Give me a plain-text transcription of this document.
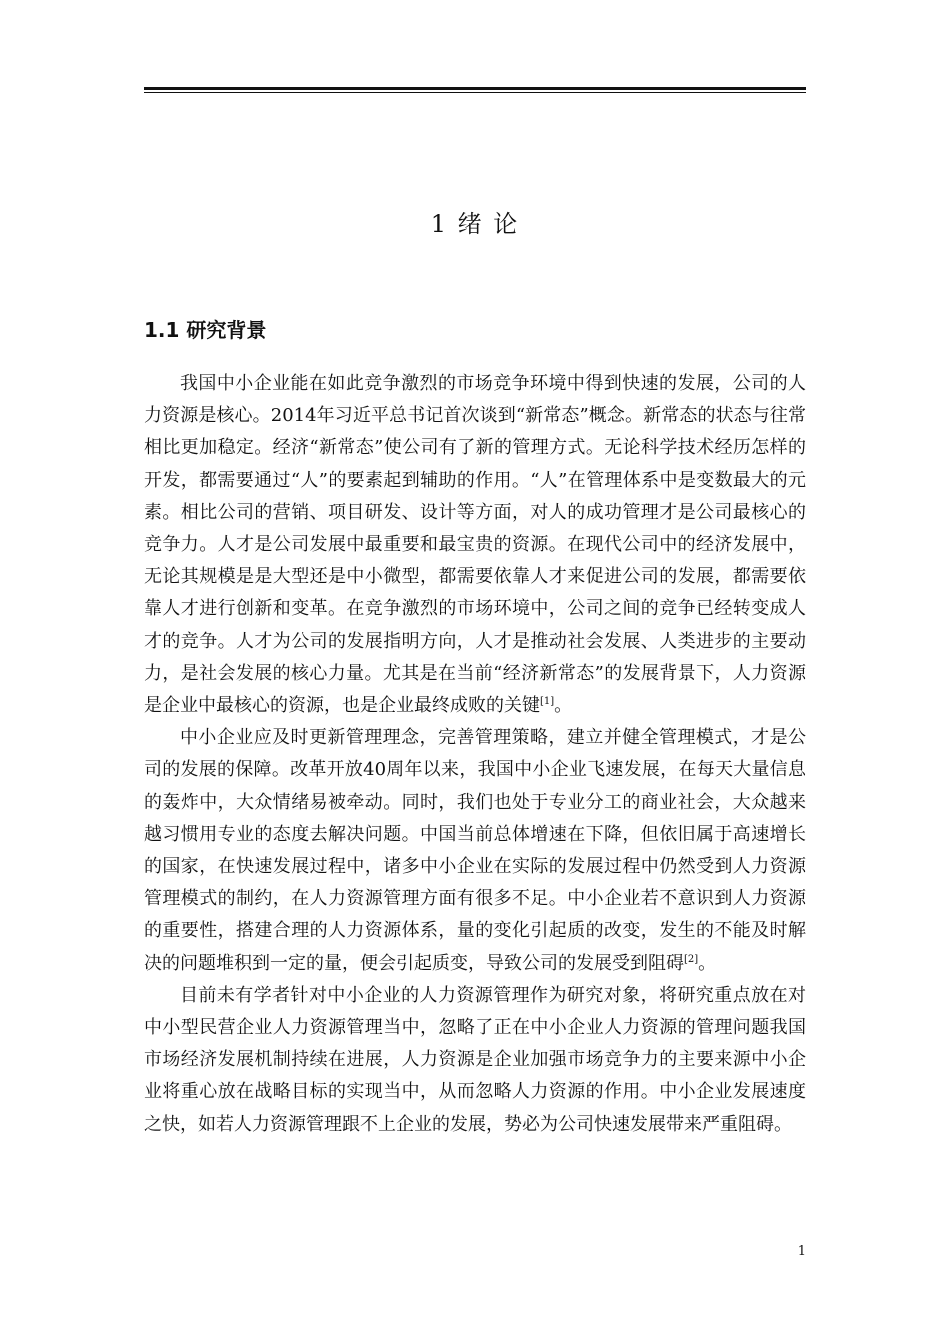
1 绪 论
1.1 研究背景

我国中小企业能在如此竞争激烈的市场竞争环境中得到快速的发展，公司的人力资源是核心。2014年习近平总书记首次谈到“新常态”概念。新常态的状态与往常相比更加稳定。经济“新常态”使公司有了新的管理方式。无论科学技术经历怎样的开发，都需要通过“人”的要素起到辅助的作用。“人”在管理体系中是变数最大的元素。相比公司的营销、项目研发、设计等方面，对人的成功管理才是公司最核心的竞争力。人才是公司发展中最重要和最宝贵的资源。在现代公司中的经济发展中，无论其规模是是大型还是中小微型，都需要依靠人才来促进公司的发展，都需要依靠人才进行创新和变革。在竞争激烈的市场环境中，公司之间的竞争已经转变成人才的竞争。人才为公司的发展指明方向，人才是推动社会发展、人类进步的主要动力，是社会发展的核心力量。尤其是在当前“经济新常态”的发展背景下，人力资源是企业中最核心的资源，也是企业最终成败的关键[1]。

中小企业应及时更新管理理念，完善管理策略，建立并健全管理模式，才是公司的发展的保障。改革开放40周年以来，我国中小企业飞速发展，在每天大量信息的轰炸中，大众情绪易被牵动。同时，我们也处于专业分工的商业社会，大众越来越习惯用专业的态度去解决问题。中国当前总体增速在下降，但依旧属于高速增长的国家，在快速发展过程中，诸多中小企业在实际的发展过程中仍然受到人力资源管理模式的制约，在人力资源管理方面有很多不足。中小企业若不意识到人力资源的重要性，搭建合理的人力资源体系，量的变化引起质的改变，发生的不能及时解决的问题堆积到一定的量，便会引起质变，导致公司的发展受到阻碍[2]。

目前未有学者针对中小企业的人力资源管理作为研究对象，将研究重点放在对中小型民营企业人力资源管理当中，忽略了正在中小企业人力资源的管理问题我国市场经济发展机制持续在进展，人力资源是企业加强市场竞争力的主要来源中小企业将重心放在战略目标的实现当中，从而忽略人力资源的作用。中小企业发展速度之快，如若人力资源管理跟不上企业的发展，势必为公司快速发展带来严重阻碍。

1
